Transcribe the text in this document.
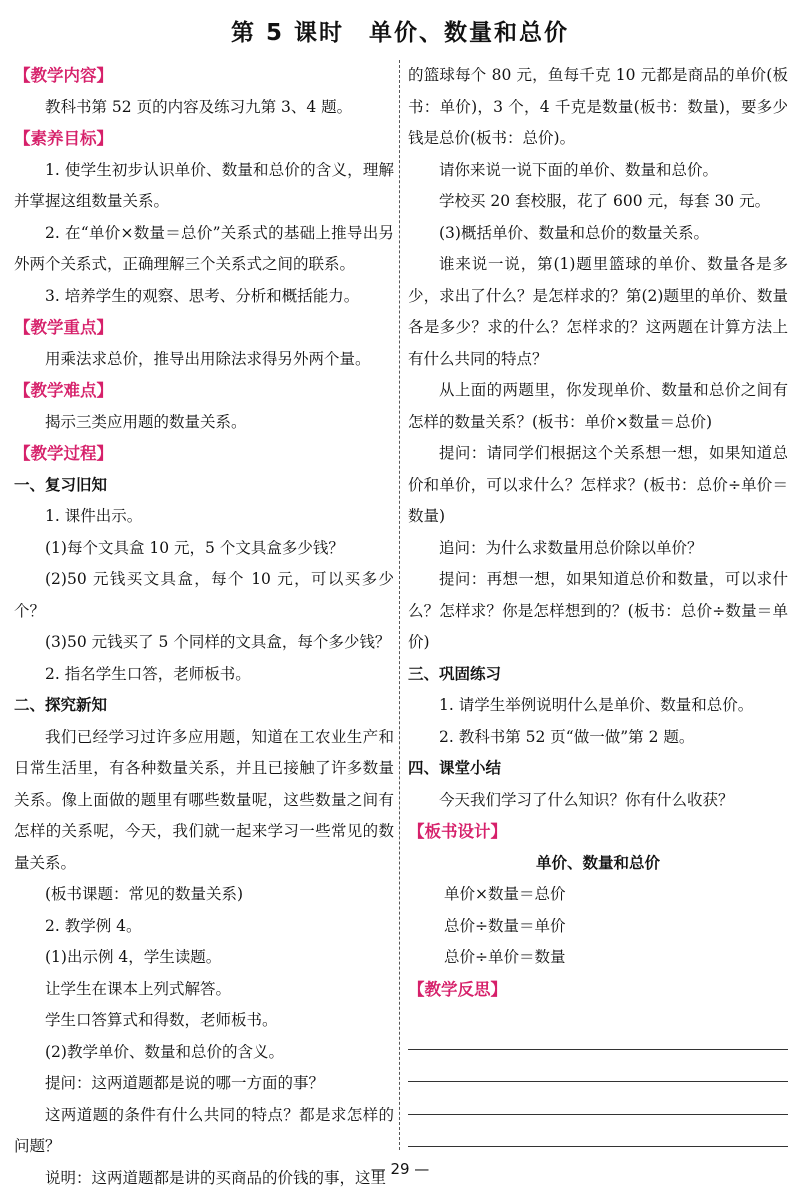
第 5 课时　单价、数量和总价
【教学内容】
教科书第 52 页的内容及练习九第 3、4 题。
【素养目标】
1. 使学生初步认识单价、数量和总价的含义，理解并掌握这组数量关系。
2. 在“单价×数量＝总价”关系式的基础上推导出另外两个关系式，正确理解三个关系式之间的联系。
3. 培养学生的观察、思考、分析和概括能力。
【教学重点】
用乘法求总价，推导出用除法求得另外两个量。
【教学难点】
揭示三类应用题的数量关系。
【教学过程】
一、复习旧知
1. 课件出示。
(1)每个文具盒 10 元，5 个文具盒多少钱？
(2)50 元钱买文具盒，每个 10 元，可以买多少个？
(3)50 元钱买了 5 个同样的文具盒，每个多少钱？
2. 指名学生口答，老师板书。
二、探究新知
我们已经学习过许多应用题，知道在工农业生产和日常生活里，有各种数量关系，并且已接触了许多数量关系。像上面做的题里有哪些数量呢，这些数量之间有怎样的关系呢，今天，我们就一起来学习一些常见的数量关系。
(板书课题：常见的数量关系)
2. 教学例 4。
(1)出示例 4，学生读题。
让学生在课本上列式解答。
学生口答算式和得数，老师板书。
(2)教学单价、数量和总价的含义。
提问：这两道题都是说的哪一方面的事？
这两道题的条件有什么共同的特点？都是求怎样的问题？
说明：这两道题都是讲的买商品的价钱的事，这里
的篮球每个 80 元，鱼每千克 10 元都是商品的单价(板书：单价)，3 个，4 千克是数量(板书：数量)，要多少钱是总价(板书：总价)。
请你来说一说下面的单价、数量和总价。
学校买 20 套校服，花了 600 元，每套 30 元。
(3)概括单价、数量和总价的数量关系。
谁来说一说，第(1)题里篮球的单价、数量各是多少，求出了什么？是怎样求的？第(2)题里的单价、数量各是多少？求的什么？怎样求的？这两题在计算方法上有什么共同的特点？
从上面的两题里，你发现单价、数量和总价之间有怎样的数量关系？(板书：单价×数量＝总价)
提问：请同学们根据这个关系想一想，如果知道总价和单价，可以求什么？怎样求？(板书：总价÷单价＝数量)
追问：为什么求数量用总价除以单价？
提问：再想一想，如果知道总价和数量，可以求什么？怎样求？你是怎样想到的？(板书：总价÷数量＝单价)
三、巩固练习
1. 请学生举例说明什么是单价、数量和总价。
2. 教科书第 52 页“做一做”第 2 题。
四、课堂小结
今天我们学习了什么知识？你有什么收获？
【板书设计】
单价、数量和总价
单价×数量＝总价
总价÷数量＝单价
总价÷单价＝数量
【教学反思】
— 29 —
